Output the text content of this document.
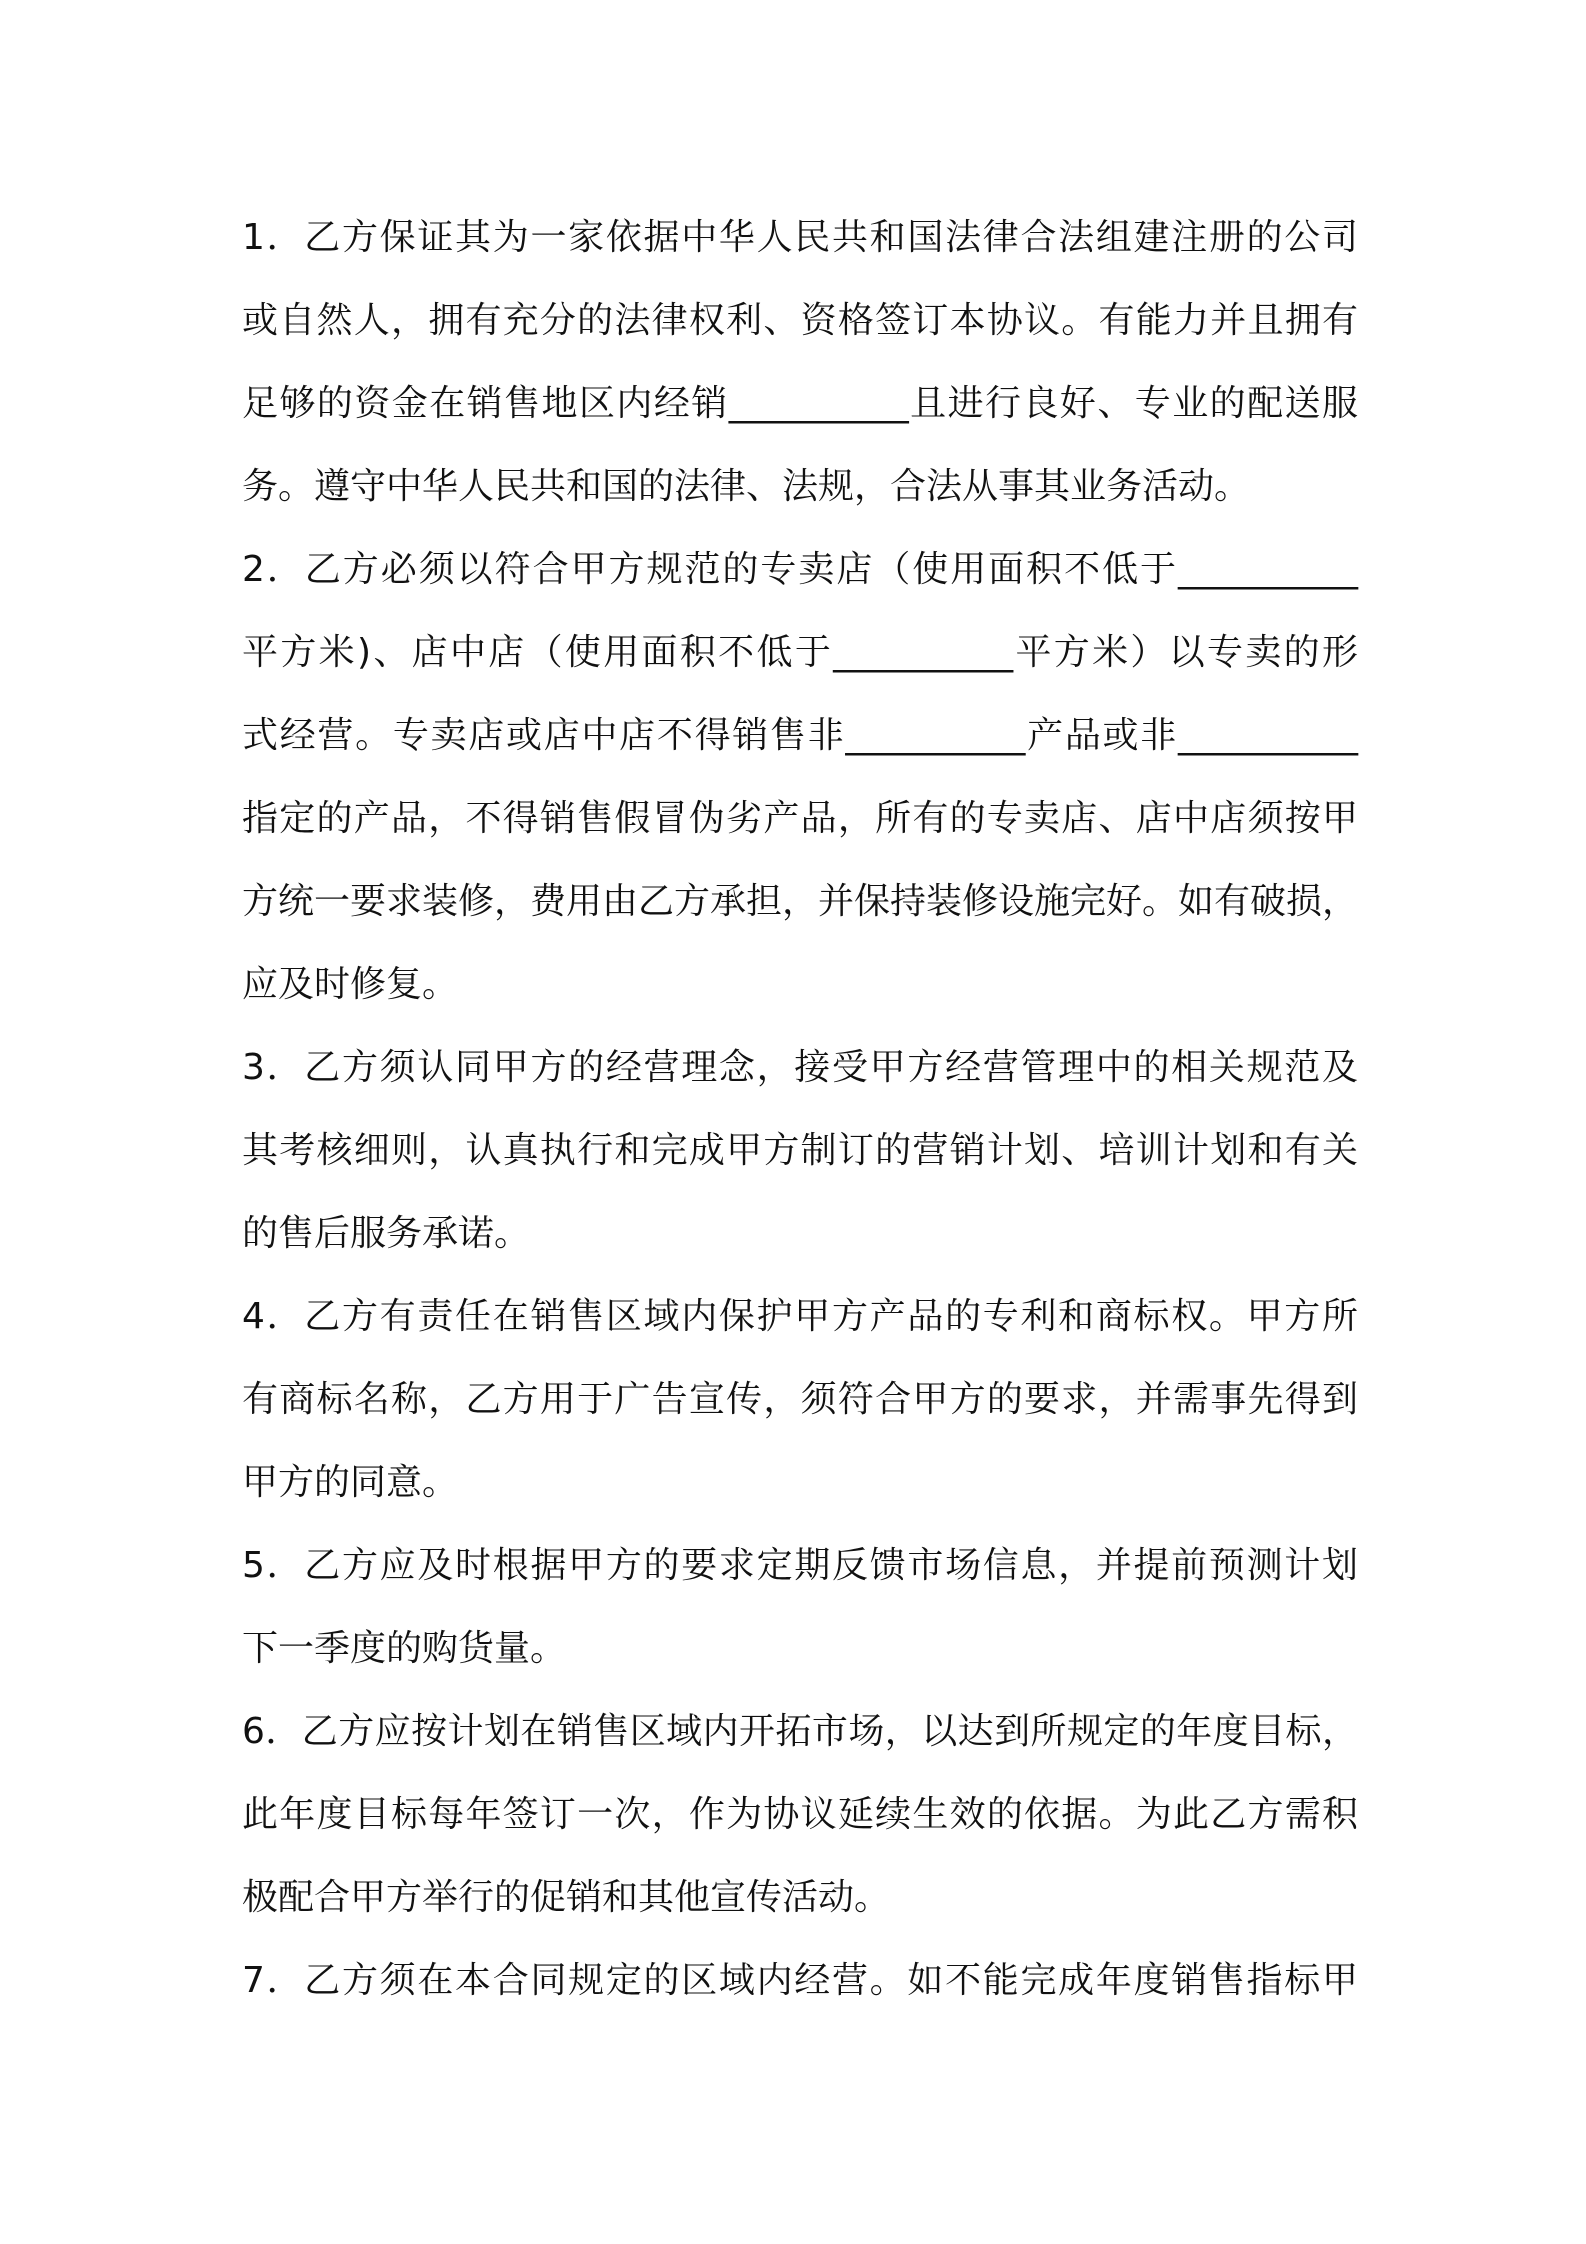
1．乙方保证其为一家依据中华人民共和国法律合法组建注册的公司
或自然人，拥有充分的法律权利、资格签订本协议。有能力并且拥有
足够的资金在销售地区内经销__________且进行良好、专业的配送服
务。遵守中华人民共和国的法律、法规，合法从事其业务活动。
2．乙方必须以符合甲方规范的专卖店（使用面积不低于__________
平方米)、店中店（使用面积不低于__________平方米）以专卖的形
式经营。专卖店或店中店不得销售非__________产品或非__________
指定的产品，不得销售假冒伪劣产品，所有的专卖店、店中店须按甲
方统一要求装修，费用由乙方承担，并保持装修设施完好。如有破损，
应及时修复。
3．乙方须认同甲方的经营理念，接受甲方经营管理中的相关规范及
其考核细则，认真执行和完成甲方制订的营销计划、培训计划和有关
的售后服务承诺。
4．乙方有责任在销售区域内保护甲方产品的专利和商标权。甲方所
有商标名称，乙方用于广告宣传，须符合甲方的要求，并需事先得到
甲方的同意。
5．乙方应及时根据甲方的要求定期反馈市场信息，并提前预测计划
下一季度的购货量。
6．乙方应按计划在销售区域内开拓市场，以达到所规定的年度目标，
此年度目标每年签订一次，作为协议延续生效的依据。为此乙方需积
极配合甲方举行的促销和其他宣传活动。
7．乙方须在本合同规定的区域内经营。如不能完成年度销售指标甲
